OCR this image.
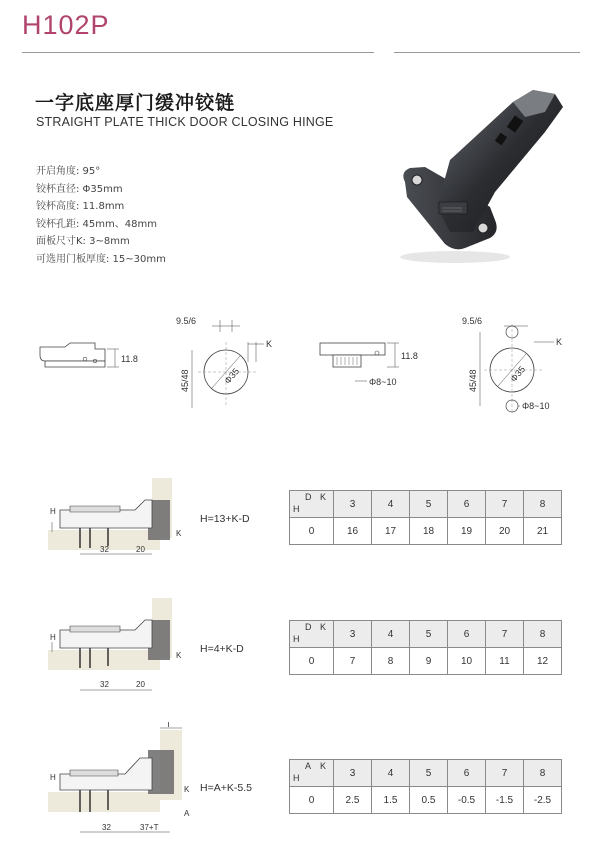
H102P
一字底座厚门缓冲铰链
STRAIGHT PLATE THICK DOOR CLOSING HINGE
开启角度: 95°
铰杯直径: Φ35mm
铰杯高度: 11.8mm
铰杯孔距: 45mm、48mm
面板尺寸K: 3~8mm
可选用门板厚度: 15~30mm
11.8
9.5/6
Φ35
K
45/48
11.8
Φ8~10
9.5/6
Φ35
K
45/48
Φ8~10
H
K
32	20
H=13+K-D
D K
H	3	4	5	6	7	8
0	16	17	18	19	20	21
H
K
32	20
H=4+K-D
D K
H	3	4	5	6	7	8
0	7	8	9	10	11	12
T
H
K
A
32	37+T
H=A+K-5.5
A K
H	3	4	5	6	7	8
0	2.5	1.5	0.5	-0.5	-1.5	-2.5
